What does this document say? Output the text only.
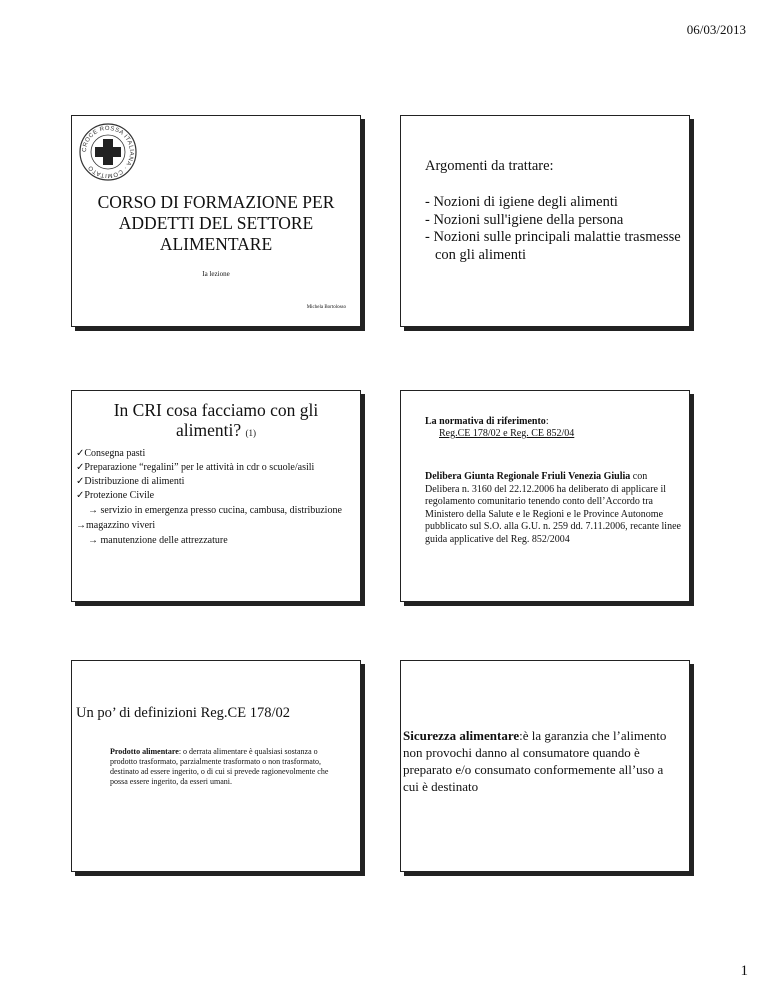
06/03/2013
CROCE ROSSA ITALIANA · COMITATO
CORSO DI FORMAZIONE PER
ADDETTI DEL SETTORE
ALIMENTARE
Ia lezione
Michela Bortolosso
Argomenti da trattare:
- Nozioni di igiene degli alimenti
- Nozioni sull'igiene della persona
- Nozioni sulle principali malattie trasmesse con gli alimenti
In CRI cosa facciamo con gli
alimenti? (1)
✓Consegna pasti
✓Preparazione “regalini” per le attività in cdr o scuole/asili
✓Distribuzione di alimenti
✓Protezione Civile
→ servizio in emergenza presso cucina, cambusa, distribuzione
→magazzino viveri
→ manutenzione delle attrezzature
La normativa di riferimento:
Reg.CE 178/02 e Reg. CE 852/04
Delibera Giunta Regionale Friuli Venezia Giulia con Delibera n. 3160 del 22.12.2006 ha deliberato di applicare il regolamento comunitario tenendo conto dell’Accordo tra Ministero della Salute e le Regioni e le Province Autonome pubblicato sul S.O. alla G.U. n. 259 dd. 7.11.2006, recante linee guida applicative del Reg. 852/2004
Un po’ di definizioni Reg.CE 178/02
Prodotto alimentare: o derrata alimentare è qualsiasi sostanza o prodotto trasformato, parzialmente trasformato o non trasformato, destinato ad essere ingerito, o di cui si prevede ragionevolmente che possa essere ingerito, da esseri umani.
Sicurezza alimentare:è la garanzia che l’alimento non provochi danno al consumatore quando è preparato e/o consumato conformemente all’uso a cui è destinato
1
